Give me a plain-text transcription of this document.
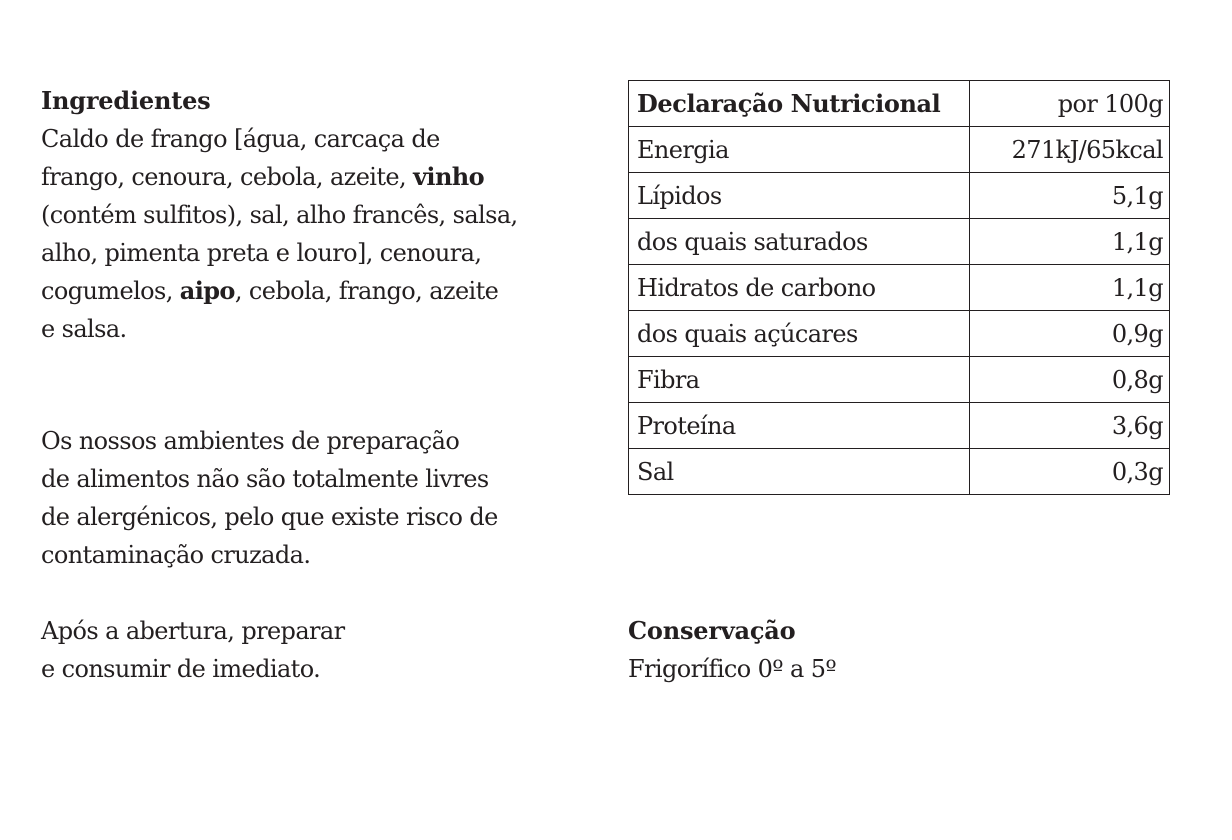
Ingredientes

Caldo de frango [água, carcaça de
frango, cenoura, cebola, azeite, vinho
(contém sulfitos), sal, alho francês, salsa,
alho, pimenta preta e louro], cenoura,
cogumelos, aipo, cebola, frango, azeite
e salsa.

Os nossos ambientes de preparação
de alimentos não são totalmente livres
de alergénicos, pelo que existe risco de
contaminação cruzada.

Após a abertura, preparar
e consumir de imediato.

Declaração Nutricional	por 100g
Energia	271kJ/65kcal
Lípidos	5,1g
dos quais saturados	1,1g
Hidratos de carbono	1,1g
dos quais açúcares	0,9g
Fibra	0,8g
Proteína	3,6g
Sal	0,3g

Conservação

Frigorífico 0º a 5º
